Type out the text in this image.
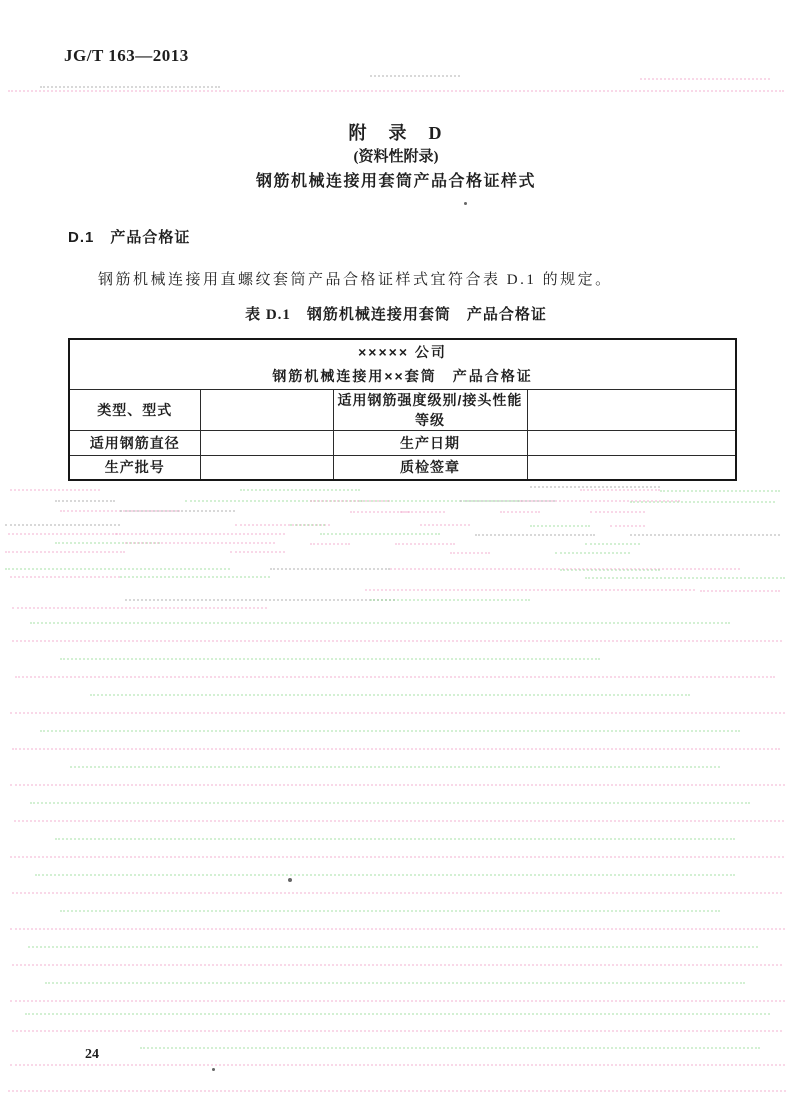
JG/T 163—2013
附　录　D
(资料性附录)
钢筋机械连接用套筒产品合格证样式
D.1　产品合格证
钢筋机械连接用直螺纹套筒产品合格证样式宜符合表 D.1 的规定。
表 D.1　钢筋机械连接用套筒　产品合格证
××××× 公司
钢筋机械连接用××套筒　产品合格证			

类型、型式		适用钢筋强度级别/接头性能等级	
适用钢筋直径		生产日期	
生产批号		质检签章	
24
